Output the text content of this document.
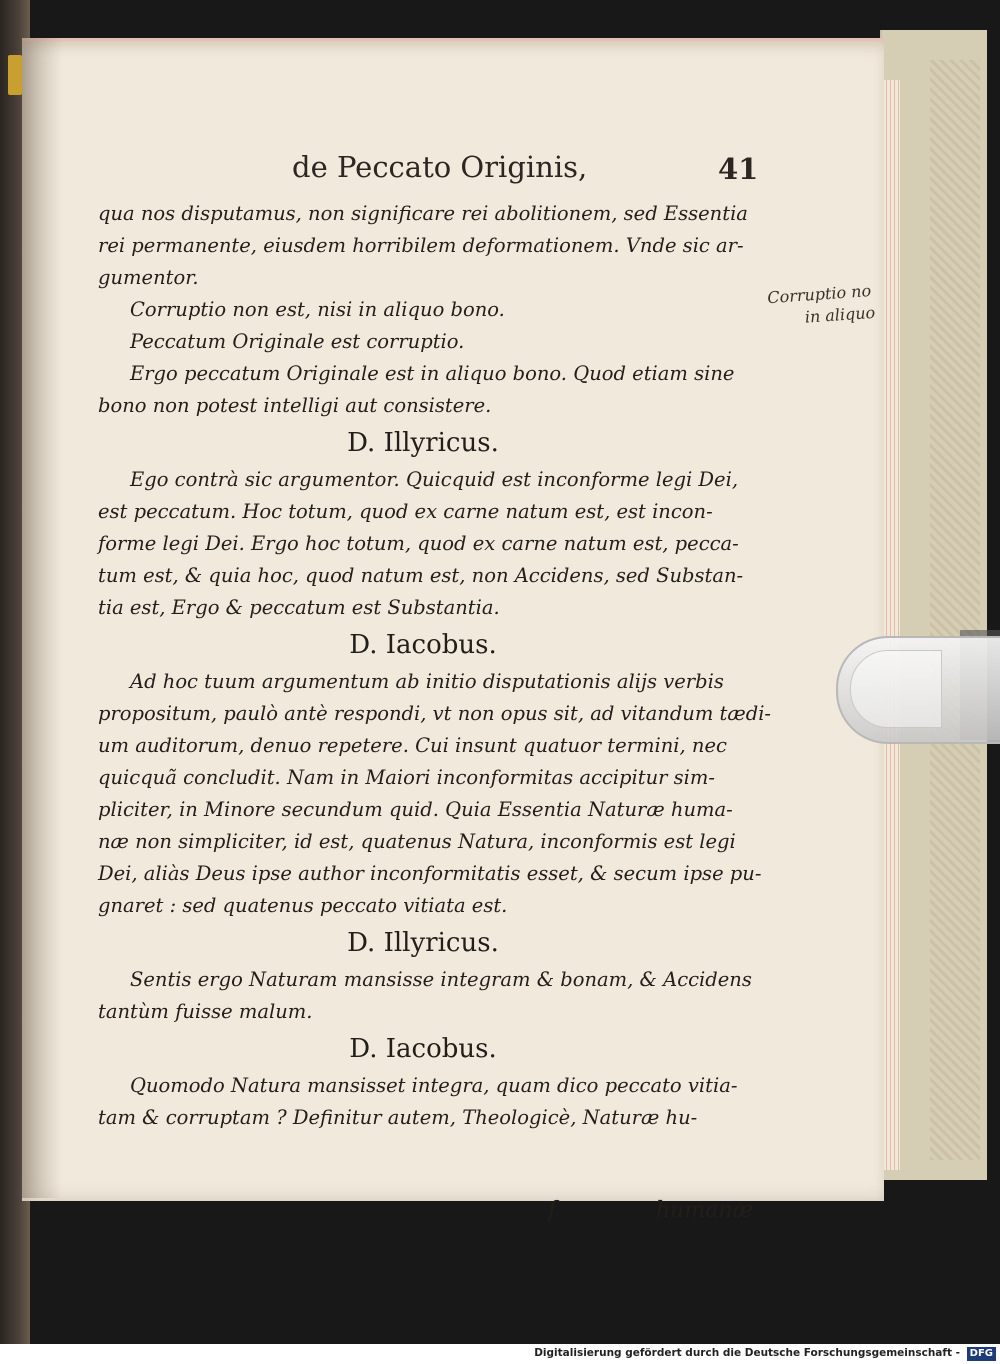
de Peccato Originis,	41
qua nos disputamus, non significare rei abolitionem, sed Essentia
rei permanente, eiusdem horribilem deformationem. Vnde sic ar-
gumentor.
Corruptio non est, nisi in aliquo bono.
Peccatum Originale est corruptio.
Ergo peccatum Originale est in aliquo bono. Quod etiam sine
bono non potest intelligi aut consistere.
D. Illyricus.
Ego contrà sic argumentor. Quicquid est inconforme legi Dei,
est peccatum. Hoc totum, quod ex carne natum est, est incon-
forme legi Dei. Ergo hoc totum, quod ex carne natum est, pecca-
tum est, & quia hoc, quod natum est, non Accidens, sed Substan-
tia est, Ergo & peccatum est Substantia.
D. Iacobus.
Ad hoc tuum argumentum ab initio disputationis alijs verbis
propositum, paulò antè respondi, vt non opus sit, ad vitandum tædi-
um auditorum, denuo repetere. Cui insunt quatuor termini, nec
quicquã concludit. Nam in Maiori inconformitas accipitur sim-
pliciter, in Minore secundum quid. Quia Essentia Naturæ huma-
næ non simpliciter, id est, quatenus Natura, inconformis est legi
Dei, aliàs Deus ipse author inconformitatis esset, & secum ipse pu-
gnaret : sed quatenus peccato vitiata est.
D. Illyricus.
Sentis ergo Naturam mansisse integram & bonam, & Accidens
tantùm fuisse malum.
D. Iacobus.
Quomodo Natura mansisset integra, quam dico peccato vitia-
tam & corruptam ? Definitur autem, Theologicè, Naturæ hu-
f	humanæ
Corruptio no
in aliquo
Digitalisierung gefördert durch die Deutsche Forschungsgemeinschaft - DFG
